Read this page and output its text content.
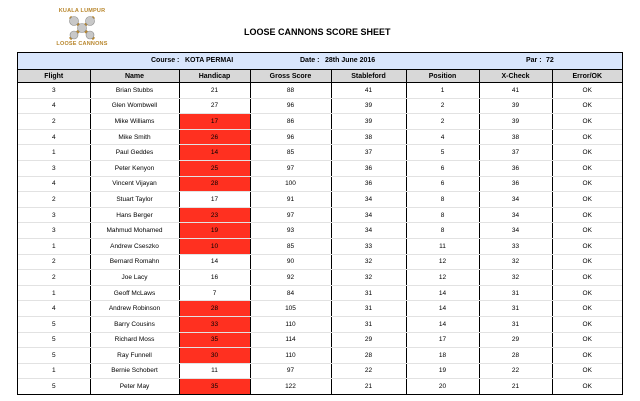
KUALA LUMPUR
LOOSE CANNONS
LOOSE CANNONS SCORE SHEET
Course : KOTA PERMAI	Date : 28th June 2016	Par : 72
Flight	Name	Handicap	Gross Score	Stableford	Position	X-Check	Error/OK
3	Brian Stubbs	21	88	41	1	41	OK
4	Glen Wombwell	27	96	39	2	39	OK
2	Mike Williams	17	86	39	2	39	OK
4	Mike Smith	26	96	38	4	38	OK
1	Paul Geddes	14	85	37	5	37	OK
3	Peter Kenyon	25	97	36	6	36	OK
4	Vincent Vijayan	28	100	36	6	36	OK
2	Stuart Taylor	17	91	34	8	34	OK
3	Hans Berger	23	97	34	8	34	OK
3	Mahmud Mohamed	19	93	34	8	34	OK
1	Andrew Cseszko	10	85	33	11	33	OK
2	Bernard Romahn	14	90	32	12	32	OK
2	Joe Lacy	16	92	32	12	32	OK
1	Geoff McLaws	7	84	31	14	31	OK
4	Andrew Robinson	28	105	31	14	31	OK
5	Barry Cousins	33	110	31	14	31	OK
5	Richard Moss	35	114	29	17	29	OK
5	Ray Funnell	30	110	28	18	28	OK
1	Bernie Schobert	11	97	22	19	22	OK
5	Peter May	35	122	21	20	21	OK
